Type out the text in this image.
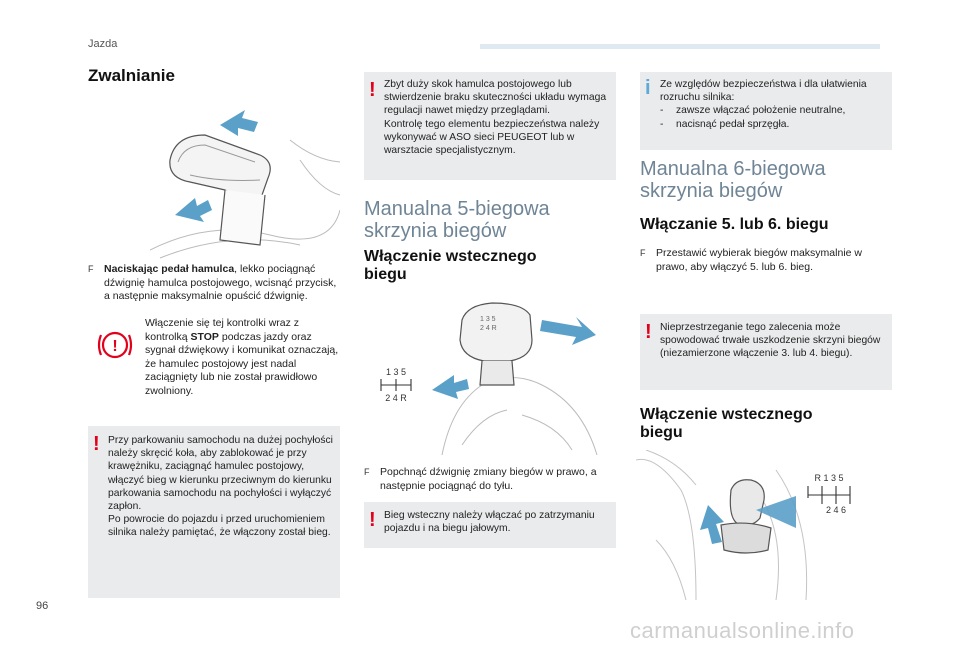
Jazda
Zwalnianie
F	Naciskając pedał hamulca, lekko pociągnąć dźwignię hamulca postojowego, wcisnąć przycisk, a następnie maksymalnie opuścić dźwignię.
!
Włączenie się tej kontrolki wraz z kontrolką STOP podczas jazdy oraz sygnał dźwiękowy i komunikat oznaczają, że hamulec postojowy jest nadal zaciągnięty lub nie został prawidłowo zwolniony.
! Przy parkowaniu samochodu na dużej pochyłości należy skręcić koła, aby zablokować je przy krawężniku, zaciągnąć hamulec postojowy, włączyć bieg w kierunku przeciwnym do kierunku parkowania samochodu na pochyłości i wyłączyć zapłon.
Po powrocie do pojazdu i przed uruchomieniem silnika należy pamiętać, że włączony został bieg.
! Zbyt duży skok hamulca postojowego lub stwierdzenie braku skuteczności układu wymaga regulacji nawet między przeglądami.
Kontrolę tego elementu bezpieczeństwa należy wykonywać w ASO sieci PEUGEOT lub w warsztacie specjalistycznym.
Manualna 5-biegowa
skrzynia biegów
Włączenie wstecznego
biegu
1 3 5
2 4 R
1 3 5
2 4 R
F	Popchnąć dźwignię zmiany biegów w prawo, a następnie pociągnąć do tyłu.
! Bieg wsteczny należy włączać po zatrzymaniu pojazdu i na biegu jałowym.
i Ze względów bezpieczeństwa i dla ułatwienia rozruchu silnika:
- zawsze włączać położenie neutralne,
- nacisnąć pedał sprzęgła.
Manualna 6-biegowa
skrzynia biegów
Włączanie 5. lub 6. biegu
F	Przestawić wybierak biegów maksymalnie w prawo, aby włączyć 5. lub 6. bieg.
! Nieprzestrzeganie tego zalecenia może spowodować trwałe uszkodzenie skrzyni biegów (niezamierzone włączenie 3. lub 4. biegu).
Włączenie wstecznego
biegu
R 1 3 5
2 4 6
96
carmanualsonline.info
